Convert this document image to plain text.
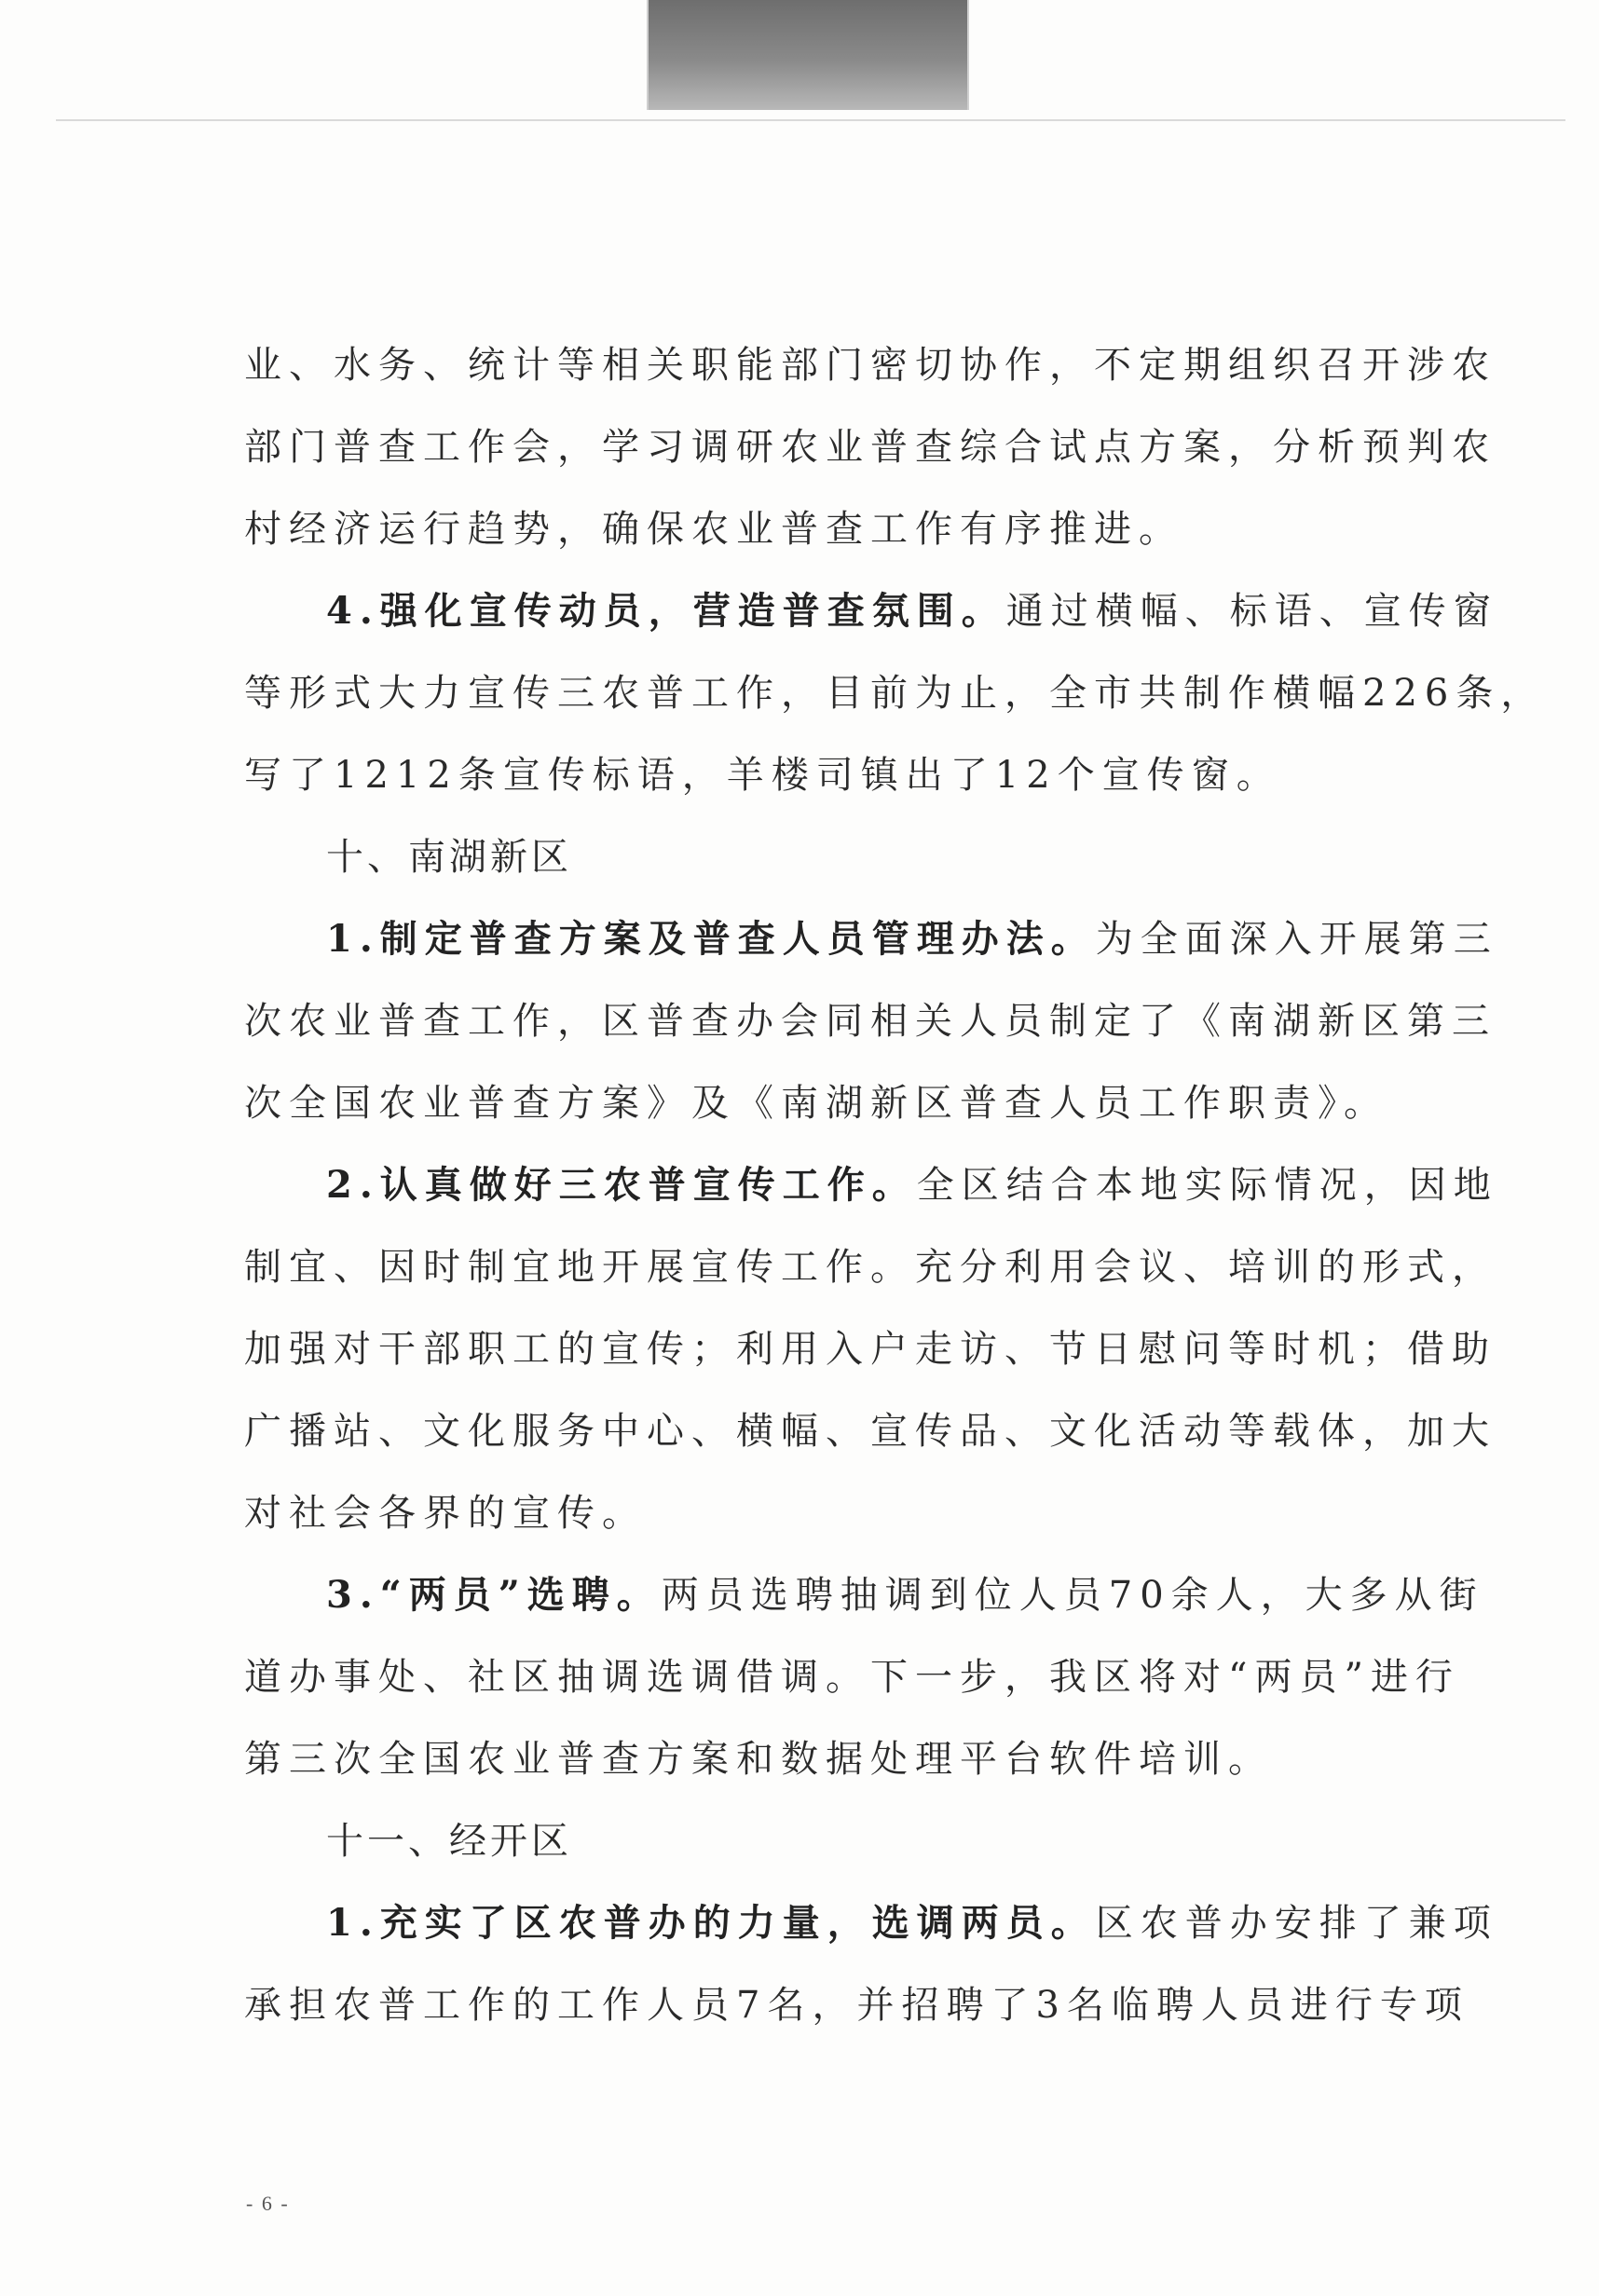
业、水务、统计等相关职能部门密切协作，不定期组织召开涉农
部门普查工作会，学习调研农业普查综合试点方案，分析预判农
村经济运行趋势，确保农业普查工作有序推进。
4.强化宣传动员，营造普查氛围。通过横幅、标语、宣传窗
等形式大力宣传三农普工作，目前为止，全市共制作横幅226条，
写了1212条宣传标语，羊楼司镇出了12个宣传窗。
十、南湖新区
1.制定普查方案及普查人员管理办法。为全面深入开展第三
次农业普查工作，区普查办会同相关人员制定了《南湖新区第三
次全国农业普查方案》及《南湖新区普查人员工作职责》。
2.认真做好三农普宣传工作。全区结合本地实际情况，因地
制宜、因时制宜地开展宣传工作。充分利用会议、培训的形式，
加强对干部职工的宣传；利用入户走访、节日慰问等时机；借助
广播站、文化服务中心、横幅、宣传品、文化活动等载体，加大
对社会各界的宣传。
3.“两员”选聘。两员选聘抽调到位人员70余人，大多从街
道办事处、社区抽调选调借调。下一步，我区将对“两员”进行
第三次全国农业普查方案和数据处理平台软件培训。
十一、经开区
1.充实了区农普办的力量，选调两员。区农普办安排了兼项
承担农普工作的工作人员7名，并招聘了3名临聘人员进行专项
- 6 -
